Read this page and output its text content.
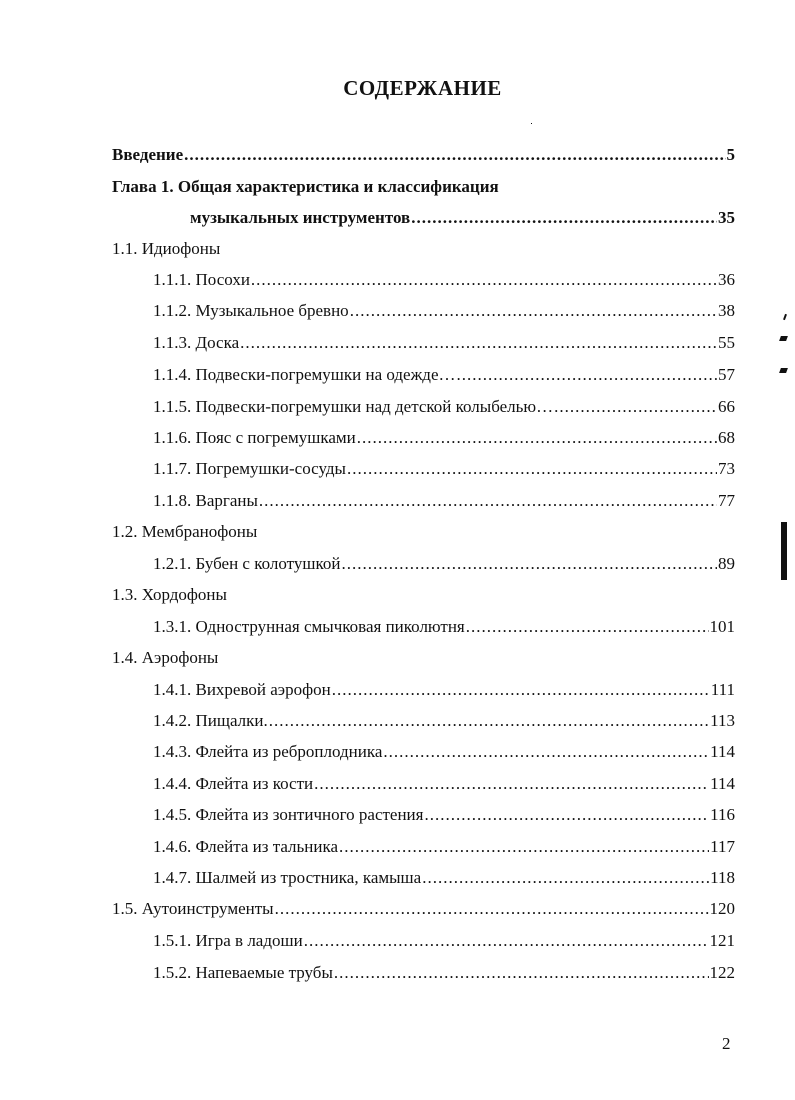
СОДЕРЖАНИЕ
Введение .....	5
Глава 1. Общая характеристика и классификация
музыкальных инструментов .....	35
1.1. Идиофоны
1.1.1. Посохи .....	36
1.1.2. Музыкальное бревно .....	38
1.1.3. Доска .....	55
1.1.4. Подвески-погремушки на одежде… .....	57
1.1.5. Подвески-погремушки над детской колыбелью… .....	66
1.1.6. Пояс с погремушками .....	68
1.1.7. Погремушки-сосуды .....	73
1.1.8. Варганы .....	77
1.2. Мембранофоны
1.2.1. Бубен с колотушкой .....	89
1.3. Хордофоны
1.3.1. Однострунная смычковая пиколютня .....	101
1.4. Аэрофоны
1.4.1. Вихревой аэрофон .....	111
1.4.2. Пищалки. .....	113
1.4.3. Флейта из реброплодника .....	114
1.4.4. Флейта из кости .....	114
1.4.5. Флейта из зонтичного растения .....	116
1.4.6. Флейта из тальника .....	117
1.4.7. Шалмей из тростника, камыша .....	118
1.5. Аутоинструменты .....	120
1.5.1. Игра в ладоши .....	121
1.5.2. Напеваемые трубы .....	122
2
